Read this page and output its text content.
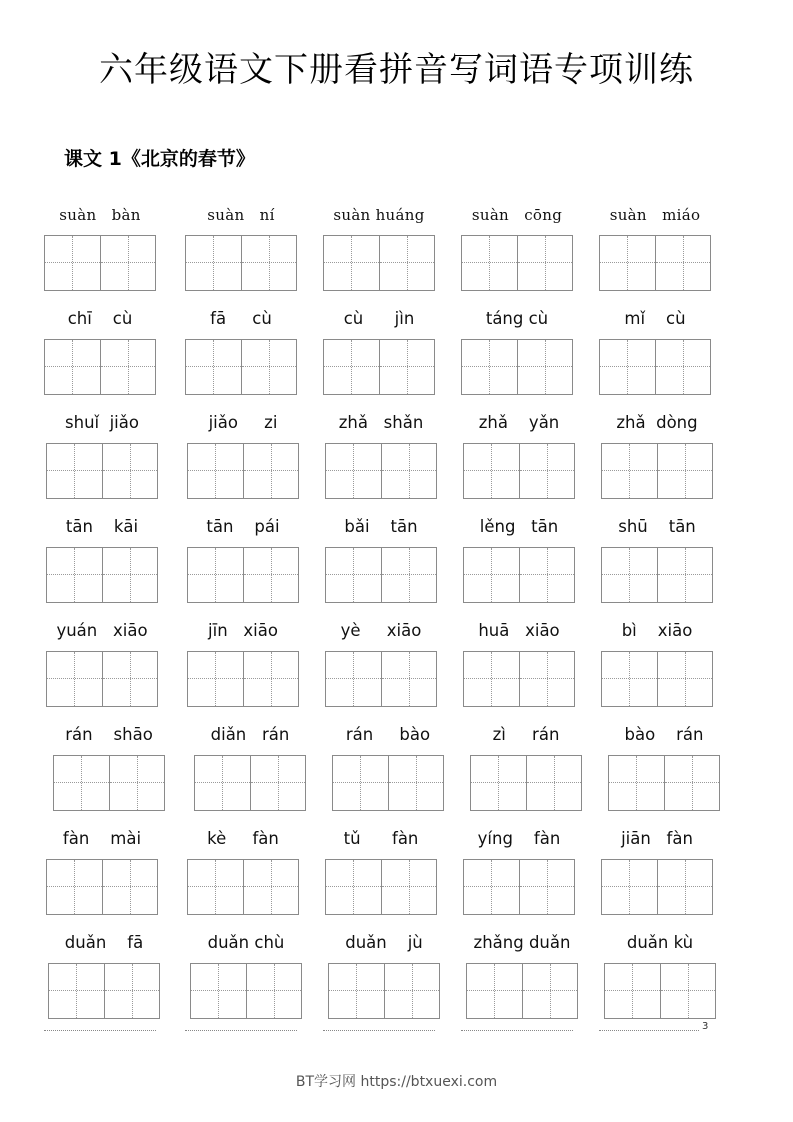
六年级语文下册看拼音写词语专项训练
课文 1《北京的春节》
suàn   bàn	suàn   ní	suàn huáng	suàn   cōng	suàn   miáo
chī    cù	fā     cù	cù      jìn	táng cù	mǐ    cù
shuǐ  jiǎo	jiǎo     zi	zhǎ   shǎn	zhǎ    yǎn	zhǎ  dòng
tān    kāi	tān    pái	bǎi    tān	lěng   tān	shū    tān
yuán   xiāo	jīn   xiāo	yè     xiāo	huā   xiāo	bì    xiāo
rán    shāo	diǎn   rán	rán     bào	zì     rán	bào    rán
fàn    mài	kè     fàn	tǔ      fàn	yíng    fàn	jiān   fàn
duǎn    fā	duǎn chù	duǎn    jù	zhǎng duǎn	duǎn kù
3
BT学习网 https://btxuexi.com
